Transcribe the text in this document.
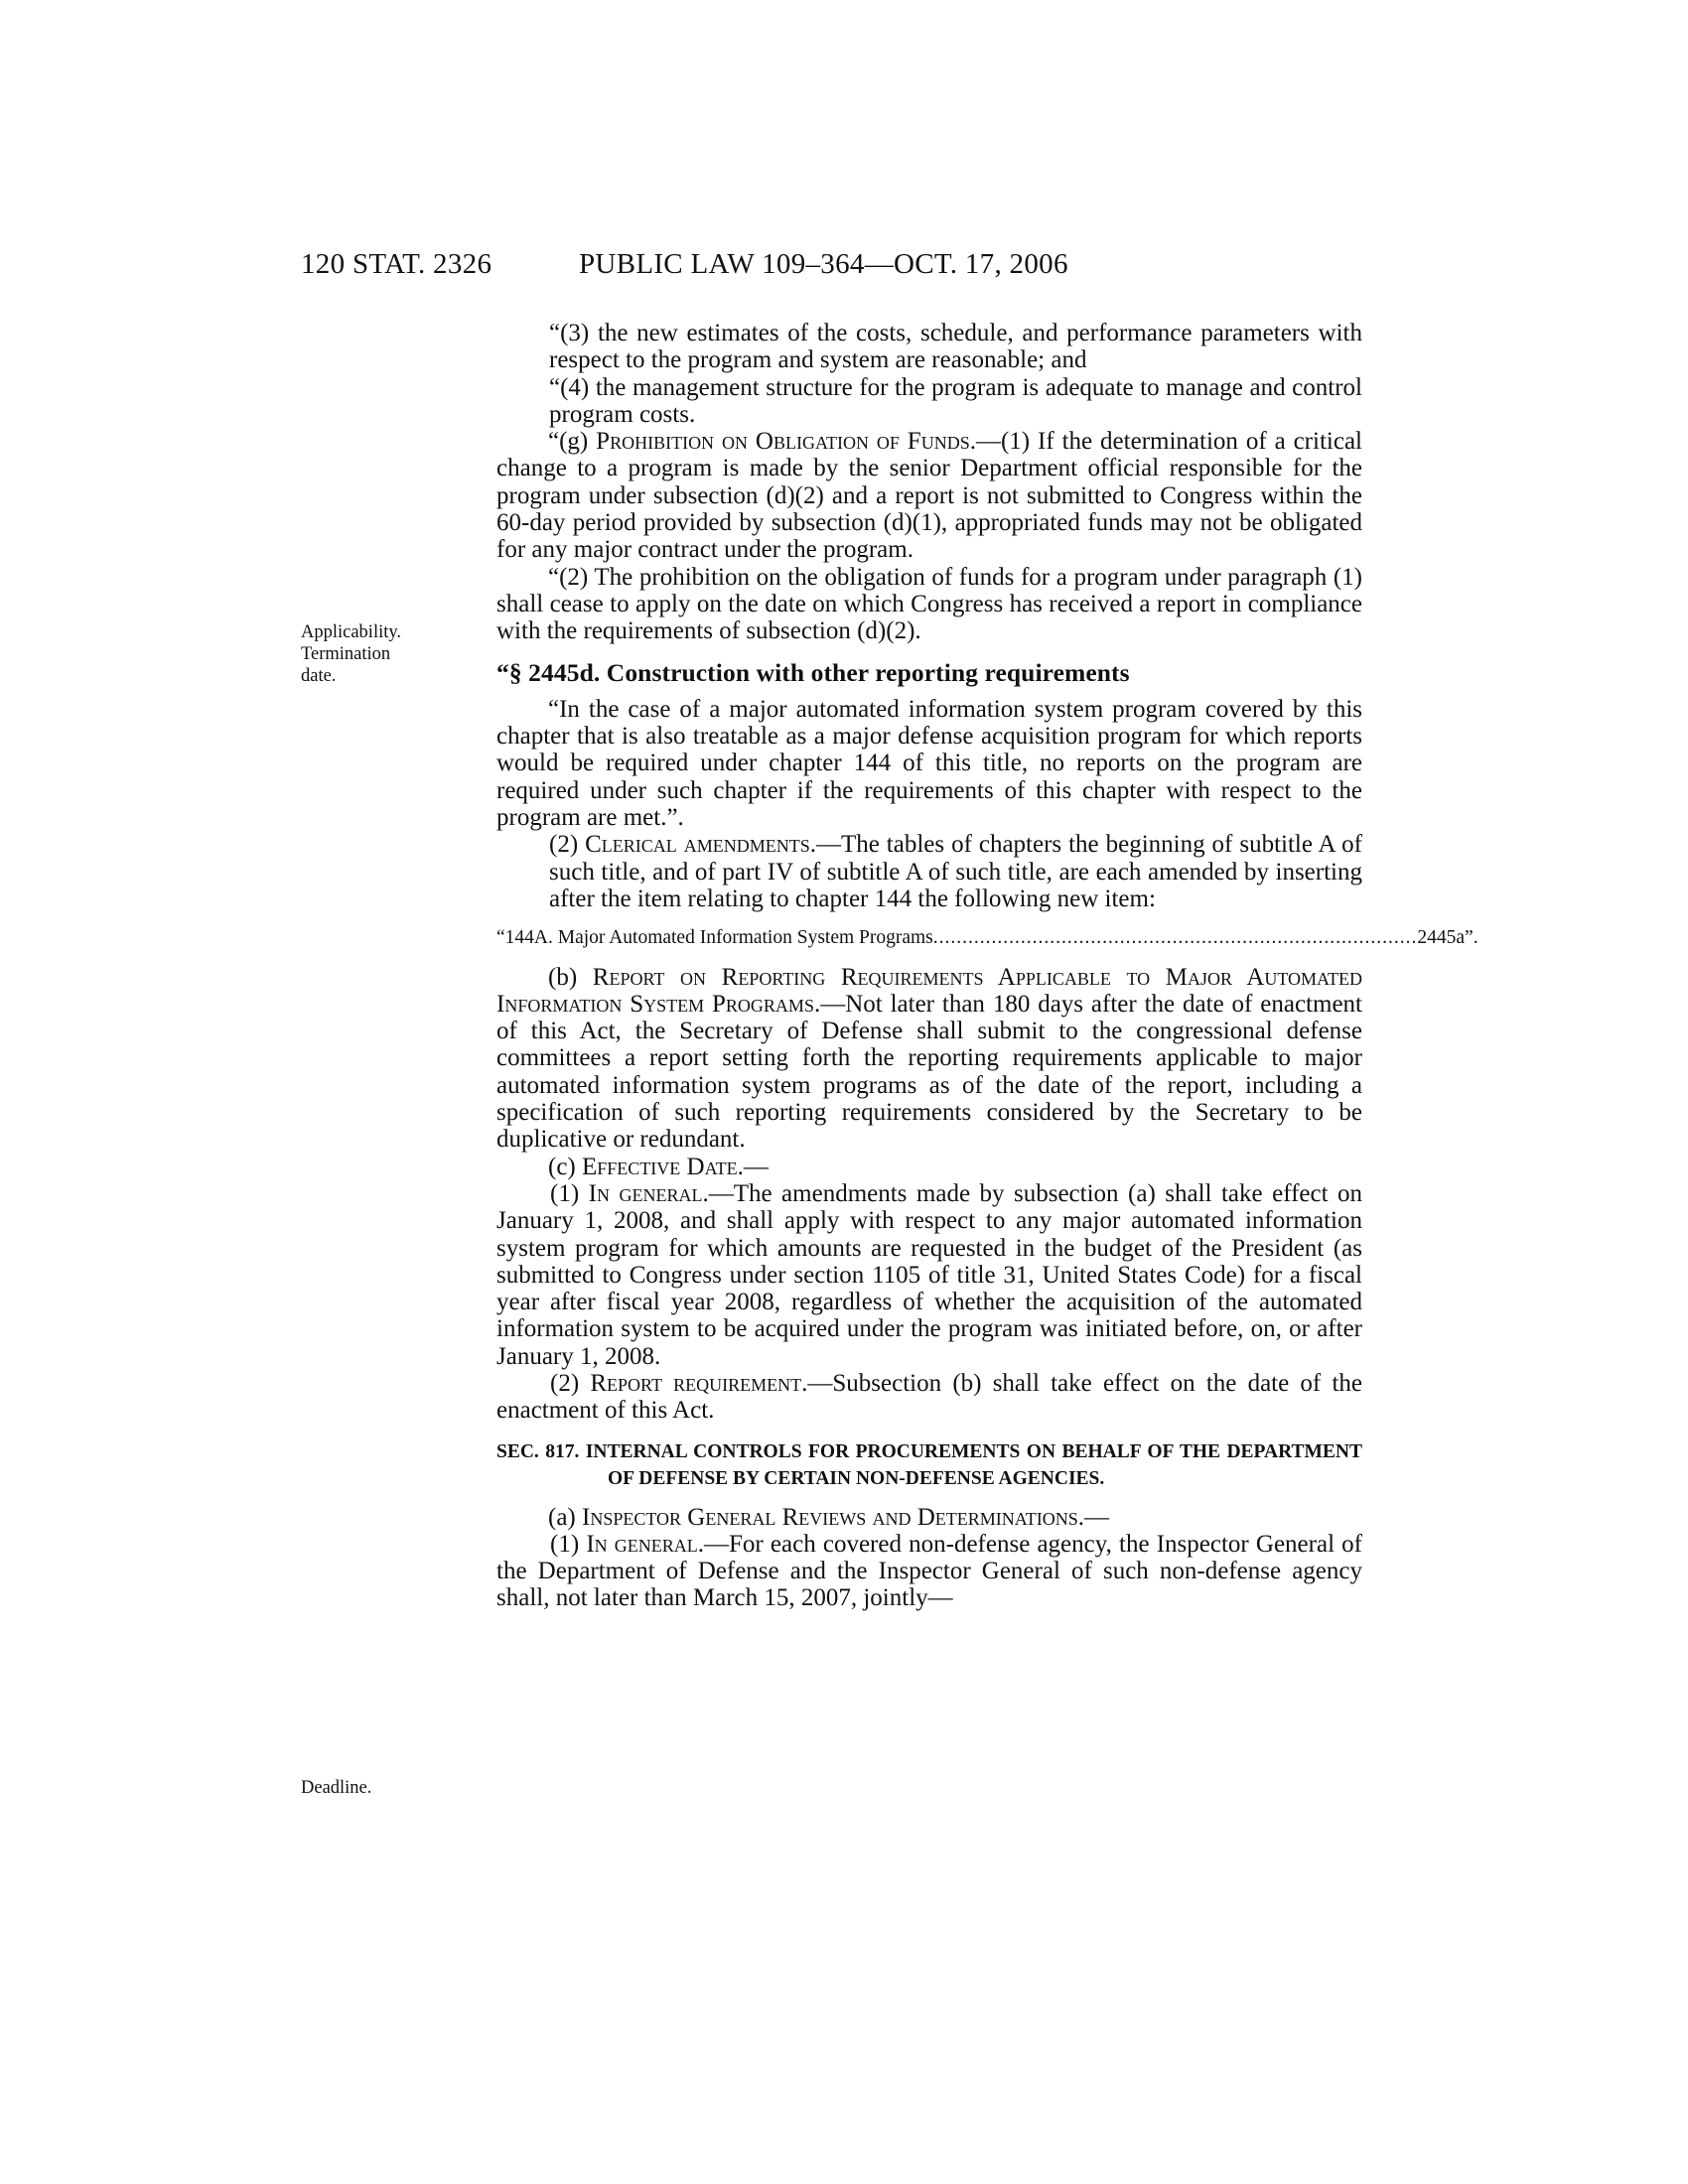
120 STAT. 2326	PUBLIC LAW 109–364—OCT. 17, 2006
Applicability.
Termination
date.
Deadline.

“(3) the new estimates of the costs, schedule, and performance parameters with respect to the program and system are reasonable; and

“(4) the management structure for the program is adequate to manage and control program costs.

“(g) Prohibition on Obligation of Funds.—(1) If the determination of a critical change to a program is made by the senior Department official responsible for the program under subsection (d)(2) and a report is not submitted to Congress within the 60-day period provided by subsection (d)(1), appropriated funds may not be obligated for any major contract under the program.

“(2) The prohibition on the obligation of funds for a program under paragraph (1) shall cease to apply on the date on which Congress has received a report in compliance with the requirements of subsection (d)(2).

“§ 2445d. Construction with other reporting requirements

“In the case of a major automated information system program covered by this chapter that is also treatable as a major defense acquisition program for which reports would be required under chapter 144 of this title, no reports on the program are required under such chapter if the requirements of this chapter with respect to the program are met.”.

(2) Clerical amendments.—The tables of chapters the beginning of subtitle A of such title, and of part IV of subtitle A of such title, are each amended by inserting after the item relating to chapter 144 the following new item:

“144A. Major Automated Information System Programs ................................................................................... 2445a”.

(b) Report on Reporting Requirements Applicable to Major Automated Information System Programs.—Not later than 180 days after the date of enactment of this Act, the Secretary of Defense shall submit to the congressional defense committees a report setting forth the reporting requirements applicable to major automated information system programs as of the date of the report, including a specification of such reporting requirements considered by the Secretary to be duplicative or redundant.

(c) Effective Date.—

(1) In general.—The amendments made by subsection (a) shall take effect on January 1, 2008, and shall apply with respect to any major automated information system program for which amounts are requested in the budget of the President (as submitted to Congress under section 1105 of title 31, United States Code) for a fiscal year after fiscal year 2008, regardless of whether the acquisition of the automated information system to be acquired under the program was initiated before, on, or after January 1, 2008.

(2) Report requirement.—Subsection (b) shall take effect on the date of the enactment of this Act.

SEC. 817. INTERNAL CONTROLS FOR PROCUREMENTS ON BEHALF OF THE DEPARTMENT OF DEFENSE BY CERTAIN NON-DEFENSE AGENCIES.

(a) Inspector General Reviews and Determinations.—

(1) In general.—For each covered non-defense agency, the Inspector General of the Department of Defense and the Inspector General of such non-defense agency shall, not later than March 15, 2007, jointly—
